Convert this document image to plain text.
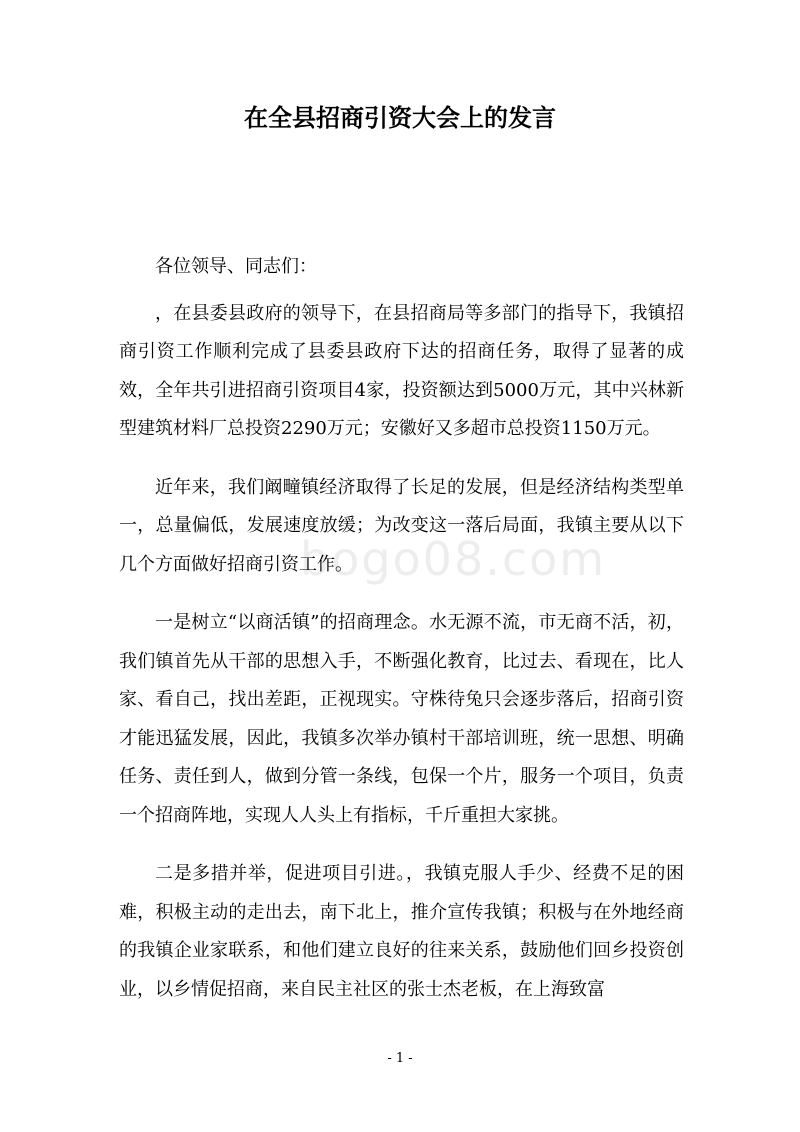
在全县招商引资大会上的发言
bogo08.com

各位领导、同志们：

，在县委县政府的领导下，在县招商局等多部门的指导下，我镇招商引资工作顺利完成了县委县政府下达的招商任务，取得了显著的成效，全年共引进招商引资项目4家，投资额达到5000万元，其中兴林新型建筑材料厂总投资2290万元；安徽好又多超市总投资1150万元。

近年来，我们阚疃镇经济取得了长足的发展，但是经济结构类型单一，总量偏低，发展速度放缓；为改变这一落后局面，我镇主要从以下几个方面做好招商引资工作。

一是树立“以商活镇”的招商理念。水无源不流，市无商不活，初，我们镇首先从干部的思想入手，不断强化教育，比过去、看现在，比人家、看自己，找出差距，正视现实。守株待兔只会逐步落后，招商引资才能迅猛发展，因此，我镇多次举办镇村干部培训班，统一思想、明确任务、责任到人，做到分管一条线，包保一个片，服务一个项目，负责一个招商阵地，实现人人头上有指标，千斤重担大家挑。

二是多措并举，促进项目引进。，我镇克服人手少、经费不足的困难，积极主动的走出去，南下北上，推介宣传我镇；积极与在外地经商的我镇企业家联系，和他们建立良好的往来关系，鼓励他们回乡投资创业，以乡情促招商，来自民主社区的张士杰老板，在上海致富

- 1 -
